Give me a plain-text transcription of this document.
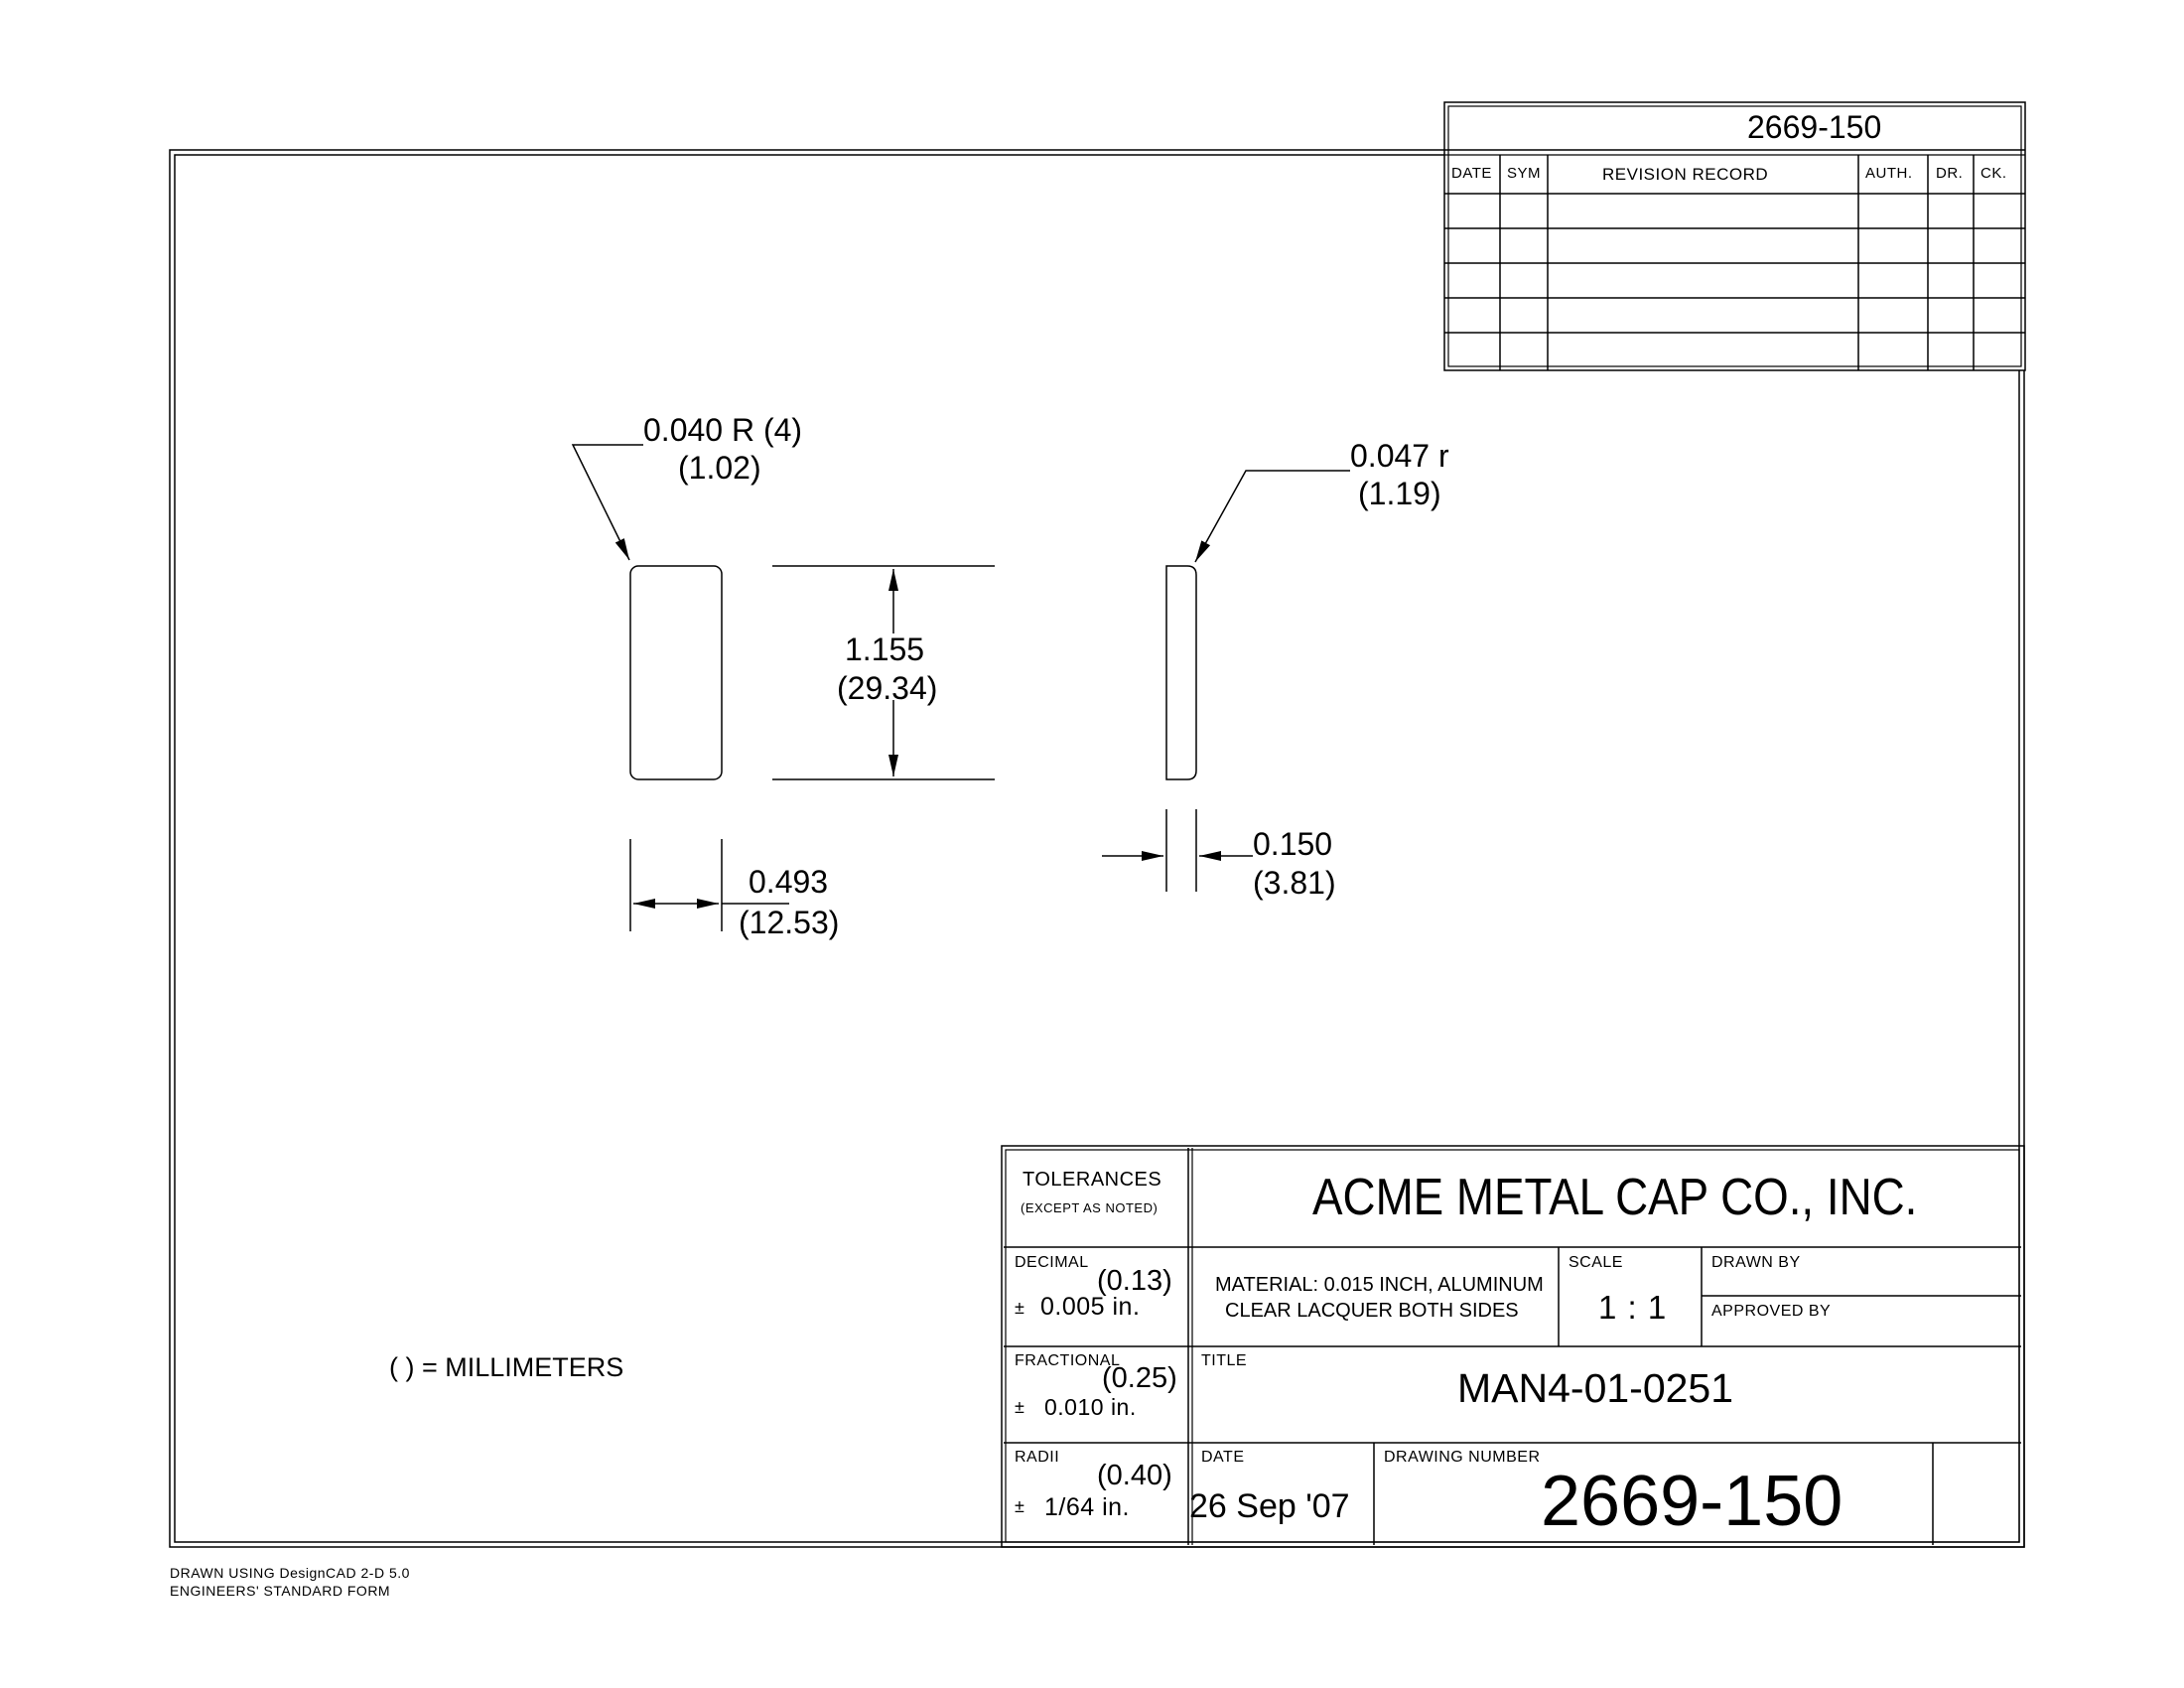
2669-150
DATE SYM	REVISION RECORD	AUTH. DR. CK.
0.040 R (4)
(1.02)	0.047 r
(1.19)
1.155
(29.34)
0.493
(12.53)
0.150
(3.81)
( ) = MILLIMETERS
TOLERANCES
(EXCEPT AS NOTED)	ACME METAL CAP CO., INC.
DECIMAL
(0.13)
± 0.005 in.
MATERIAL: 0.015 INCH, ALUMINUM
CLEAR LACQUER BOTH SIDES
SCALE
1 : 1
DRAWN BY
APPROVED BY
FRACTIONAL
(0.25)
± 0.010 in.
TITLE
MAN4-01-0251
RADII
(0.40)
± 1/64 in.
DATE
26 Sep '07
DRAWING NUMBER
2669-150
DRAWN USING DesignCAD 2-D 5.0
ENGINEERS' STANDARD FORM
